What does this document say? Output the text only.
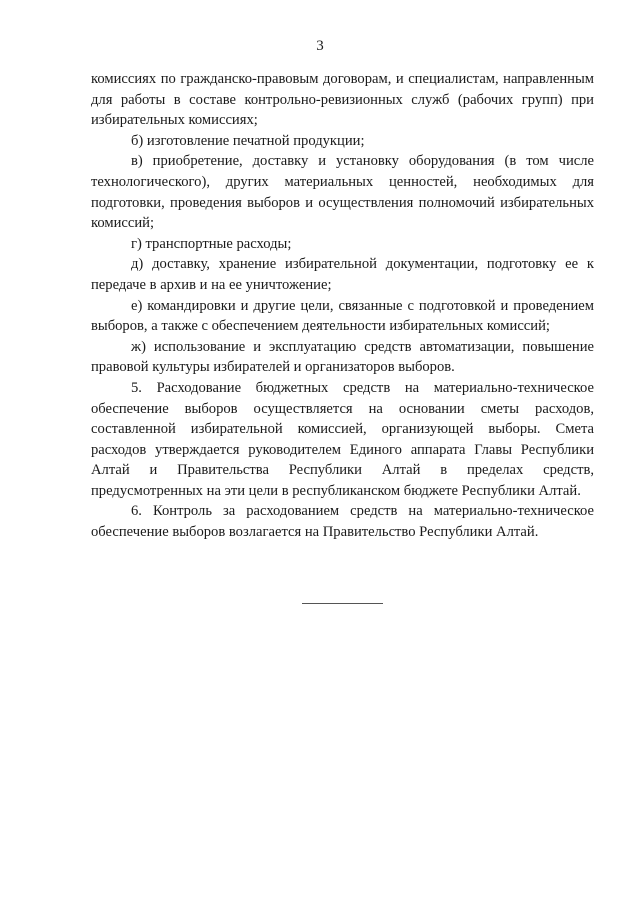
3

комиссиях по гражданско-правовым договорам, и специалистам, направленным для работы в составе контрольно-ревизионных служб (рабочих групп) при избирательных комиссиях;

б) изготовление печатной продукции;

в) приобретение, доставку и установку оборудования (в том числе технологического), других материальных ценностей, необходимых для подготовки, проведения выборов и осуществления полномочий избирательных комиссий;

г) транспортные расходы;

д) доставку, хранение избирательной документации, подготовку ее к передаче в архив и на ее уничтожение;

е) командировки и другие цели, связанные с подготовкой и проведением выборов, а также с обеспечением деятельности избирательных комиссий;

ж) использование и эксплуатацию средств автоматизации, повышение правовой культуры избирателей и организаторов выборов.

5. Расходование бюджетных средств на материально-техническое обеспечение выборов осуществляется на основании сметы расходов, составленной избирательной комиссией, организующей выборы. Смета расходов утверждается руководителем Единого аппарата Главы Республики Алтай и Правительства Республики Алтай в пределах средств, предусмотренных на эти цели в республиканском бюджете Республики Алтай.

6. Контроль за расходованием средств на материально-техническое обеспечение выборов возлагается на Правительство Республики Алтай.
